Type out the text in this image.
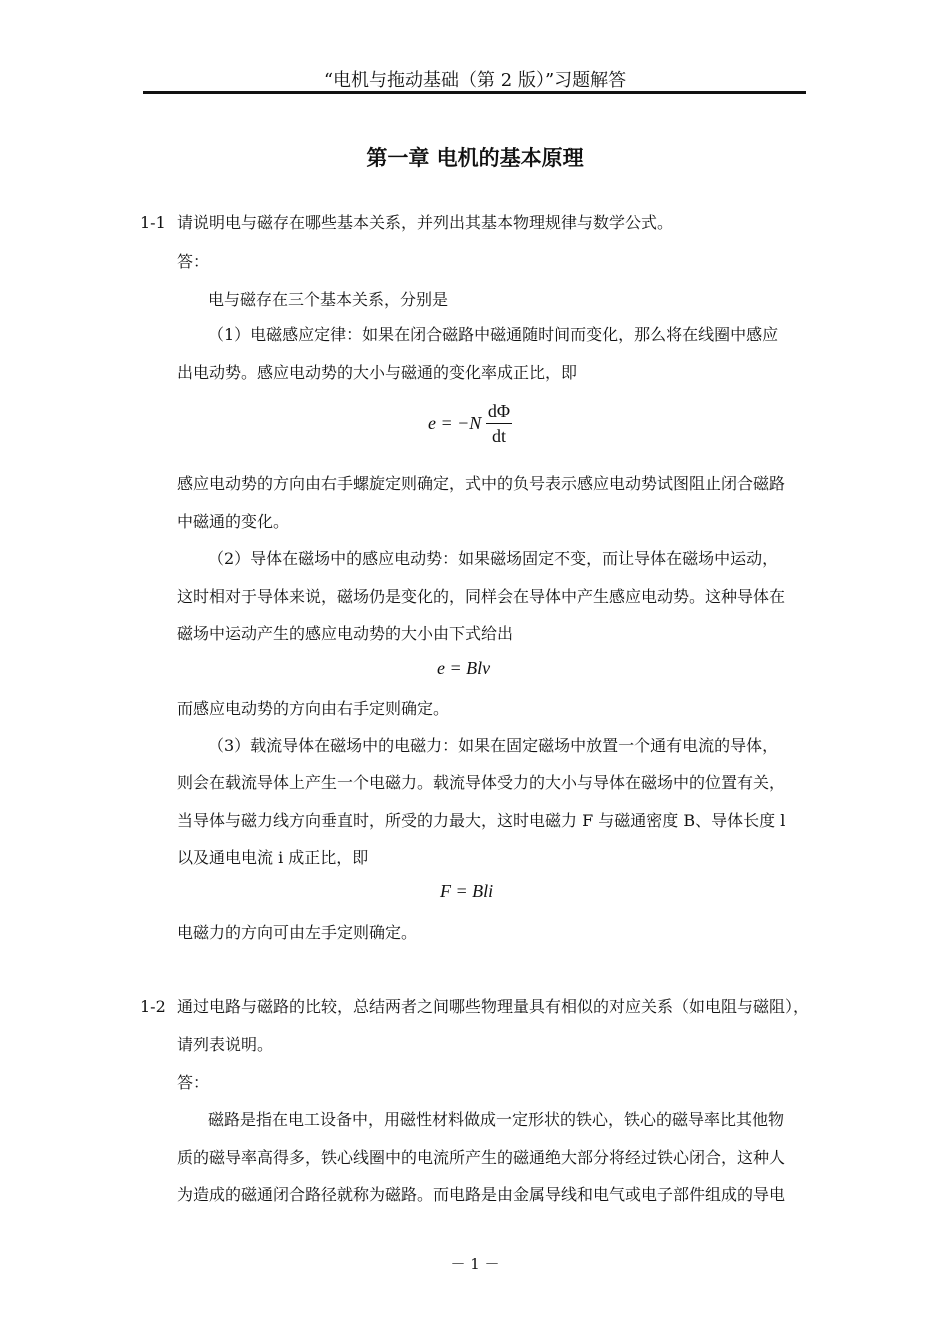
“电机与拖动基础（第 2 版）”习题解答
第一章 电机的基本原理
1-1 请说明电与磁存在哪些基本关系，并列出其基本物理规律与数学公式。
答：
电与磁存在三个基本关系，分别是
（1）电磁感应定律：如果在闭合磁路中磁通随时间而变化，那么将在线圈中感应
出电动势。感应电动势的大小与磁通的变化率成正比，即
e = −N
dΦ
dt
感应电动势的方向由右手螺旋定则确定，式中的负号表示感应电动势试图阻止闭合磁路
中磁通的变化。
（2）导体在磁场中的感应电动势：如果磁场固定不变，而让导体在磁场中运动，
这时相对于导体来说，磁场仍是变化的，同样会在导体中产生感应电动势。这种导体在
磁场中运动产生的感应电动势的大小由下式给出
e = Blv
而感应电动势的方向由右手定则确定。
（3）载流导体在磁场中的电磁力：如果在固定磁场中放置一个通有电流的导体，
则会在载流导体上产生一个电磁力。载流导体受力的大小与导体在磁场中的位置有关，
当导体与磁力线方向垂直时，所受的力最大，这时电磁力 F 与磁通密度 B、导体长度 l
以及通电电流 i 成正比，即
F = Bli
电磁力的方向可由左手定则确定。
1-2 通过电路与磁路的比较，总结两者之间哪些物理量具有相似的对应关系（如电阻与磁阻），
请列表说明。
答：
磁路是指在电工设备中，用磁性材料做成一定形状的铁心，铁心的磁导率比其他物
质的磁导率高得多，铁心线圈中的电流所产生的磁通绝大部分将经过铁心闭合，这种人
为造成的磁通闭合路径就称为磁路。而电路是由金属导线和电气或电子部件组成的导电
－ 1 －
